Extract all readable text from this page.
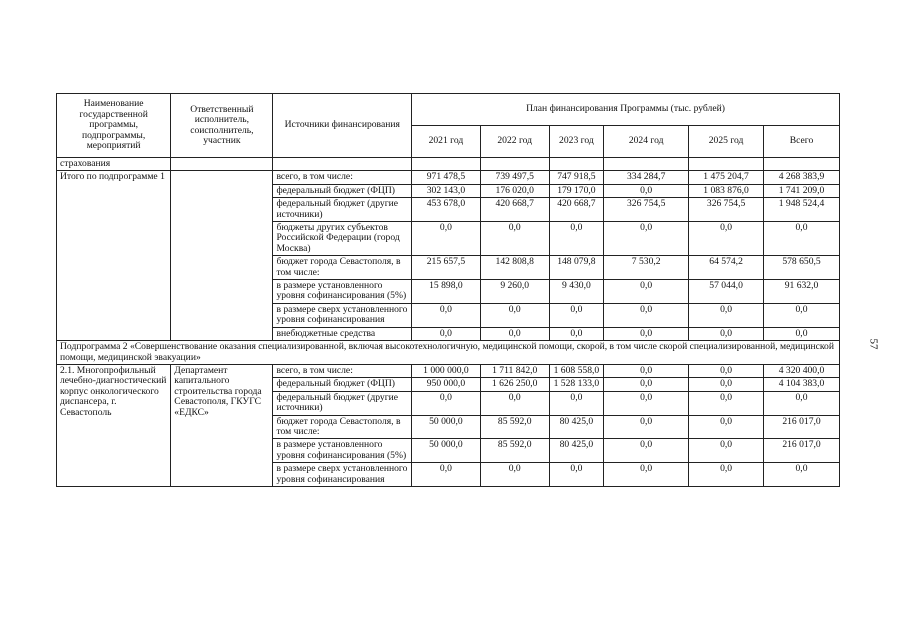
Наименование государственной программы, подпрограммы, мероприятий	Ответственный исполнитель, соисполнитель, участник	Источники финансирования	План финансирования Программы (тыс. рублей)					
			2021 год	2022 год	2023 год	2024 год	2025 год	Всего
страхования								
Итого по подпрограмме 1		всего, в том числе:	971 478,5	739 497,5	747 918,5	334 284,7	1 475 204,7	4 268 383,9
		федеральный бюджет (ФЦП)	302 143,0	176 020,0	179 170,0	0,0	1 083 876,0	1 741 209,0
		федеральный бюджет (другие источники)	453 678,0	420 668,7	420 668,7	326 754,5	326 754,5	1 948 524,4
		бюджеты других субъектов Российской Федерации (город Москва)	0,0	0,0	0,0	0,0	0,0	0,0
		бюджет города Севастополя, в том числе:	215 657,5	142 808,8	148 079,8	7 530,2	64 574,2	578 650,5
		в размере установленного уровня софинансирования (5%)	15 898,0	9 260,0	9 430,0	0,0	57 044,0	91 632,0
		в размере сверх установленного уровня софинансирования	0,0	0,0	0,0	0,0	0,0	0,0
		внебюджетные средства	0,0	0,0	0,0	0,0	0,0	0,0
Подпрограмма 2 «Совершенствование оказания специализированной, включая высокотехнологичную, медицинской помощи, скорой, в том числе скорой специализированной, медицинской помощи, медицинской эвакуации»								
2.1. Многопрофильный лечебно-диагностический корпус онкологического диспансера, г. Севастополь	Департамент капитального строительства города Севастополя, ГКУГС «ЕДКС»	всего, в том числе:	1 000 000,0	1 711 842,0	1 608 558,0	0,0	0,0	4 320 400,0
		федеральный бюджет (ФЦП)	950 000,0	1 626 250,0	1 528 133,0	0,0	0,0	4 104 383,0
		федеральный бюджет (другие источники)	0,0	0,0	0,0	0,0	0,0	0,0
		бюджет города Севастополя, в том числе:	50 000,0	85 592,0	80 425,0	0,0	0,0	216 017,0
		в размере установленного уровня софинансирования (5%)	50 000,0	85 592,0	80 425,0	0,0	0,0	216 017,0
		в размере сверх установленного уровня софинансирования	0,0	0,0	0,0	0,0	0,0	0,0
57
